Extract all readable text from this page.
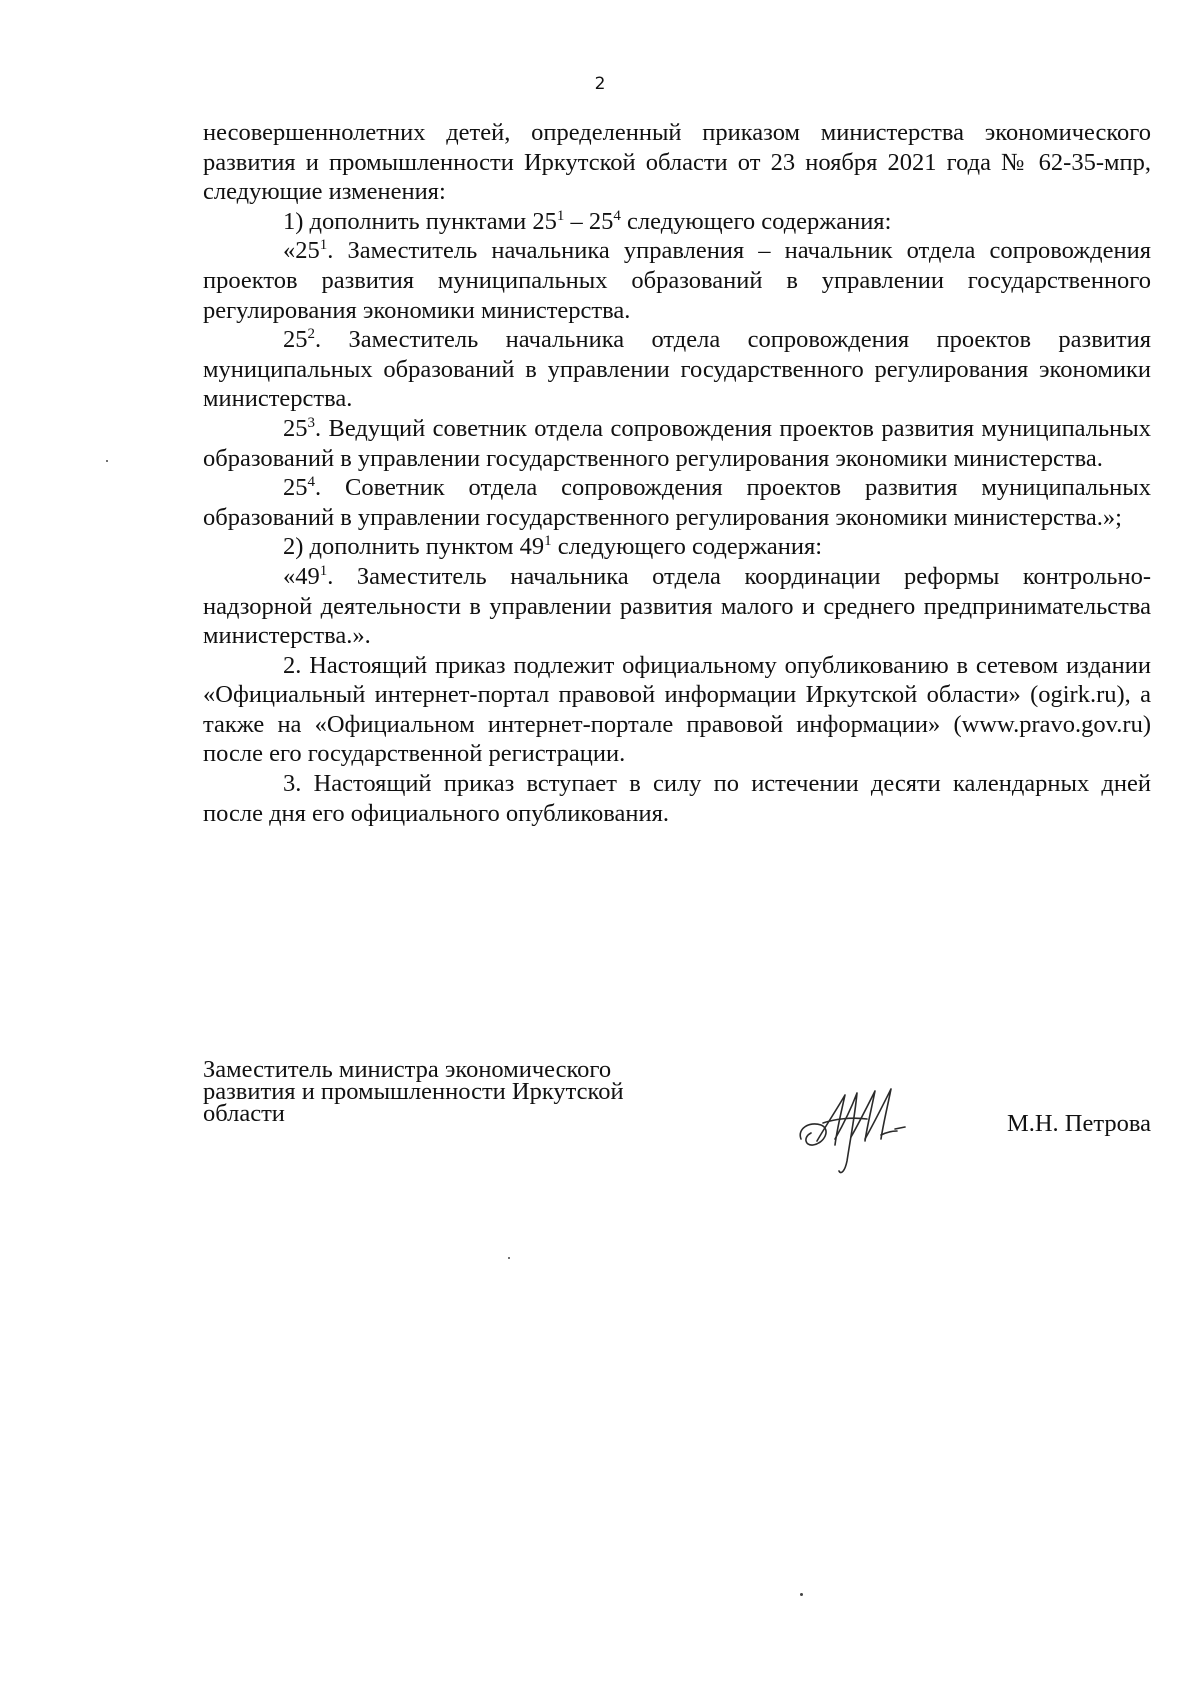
2

несовершеннолетних детей, определенный приказом министерства экономического развития и промышленности Иркутской области от 23 ноября 2021 года № 62-35-мпр, следующие изменения:

1) дополнить пунктами $25^1 - 25^4$ следующего содержания:

«$25^1$. Заместитель начальника управления – начальник отдела сопровождения проектов развития муниципальных образований в управлении государственного регулирования экономики министерства.

$25^2$. Заместитель начальника отдела сопровождения проектов развития муниципальных образований в управлении государственного регулирования экономики министерства.

$25^3$. Ведущий советник отдела сопровождения проектов развития муниципальных образований в управлении государственного регулирования экономики министерства.

$25^4$. Советник отдела сопровождения проектов развития муниципальных образований в управлении государственного регулирования экономики министерства.»;

2) дополнить пунктом $49^1$ следующего содержания:

«$49^1$. Заместитель начальника отдела координации реформы контрольно-надзорной деятельности в управлении развития малого и среднего предпринимательства министерства.».

2. Настоящий приказ подлежит официальному опубликованию в сетевом издании «Официальный интернет-портал правовой информации Иркутской области» (ogirk.ru), а также на «Официальном интернет-портале правовой информации» (www.pravo.gov.ru) после его государственной регистрации.

3. Настоящий приказ вступает в силу по истечении десяти календарных дней после дня его официального опубликования.

Заместитель министра экономического
развития и промышленности Иркутской
области	М.Н. Петрова
